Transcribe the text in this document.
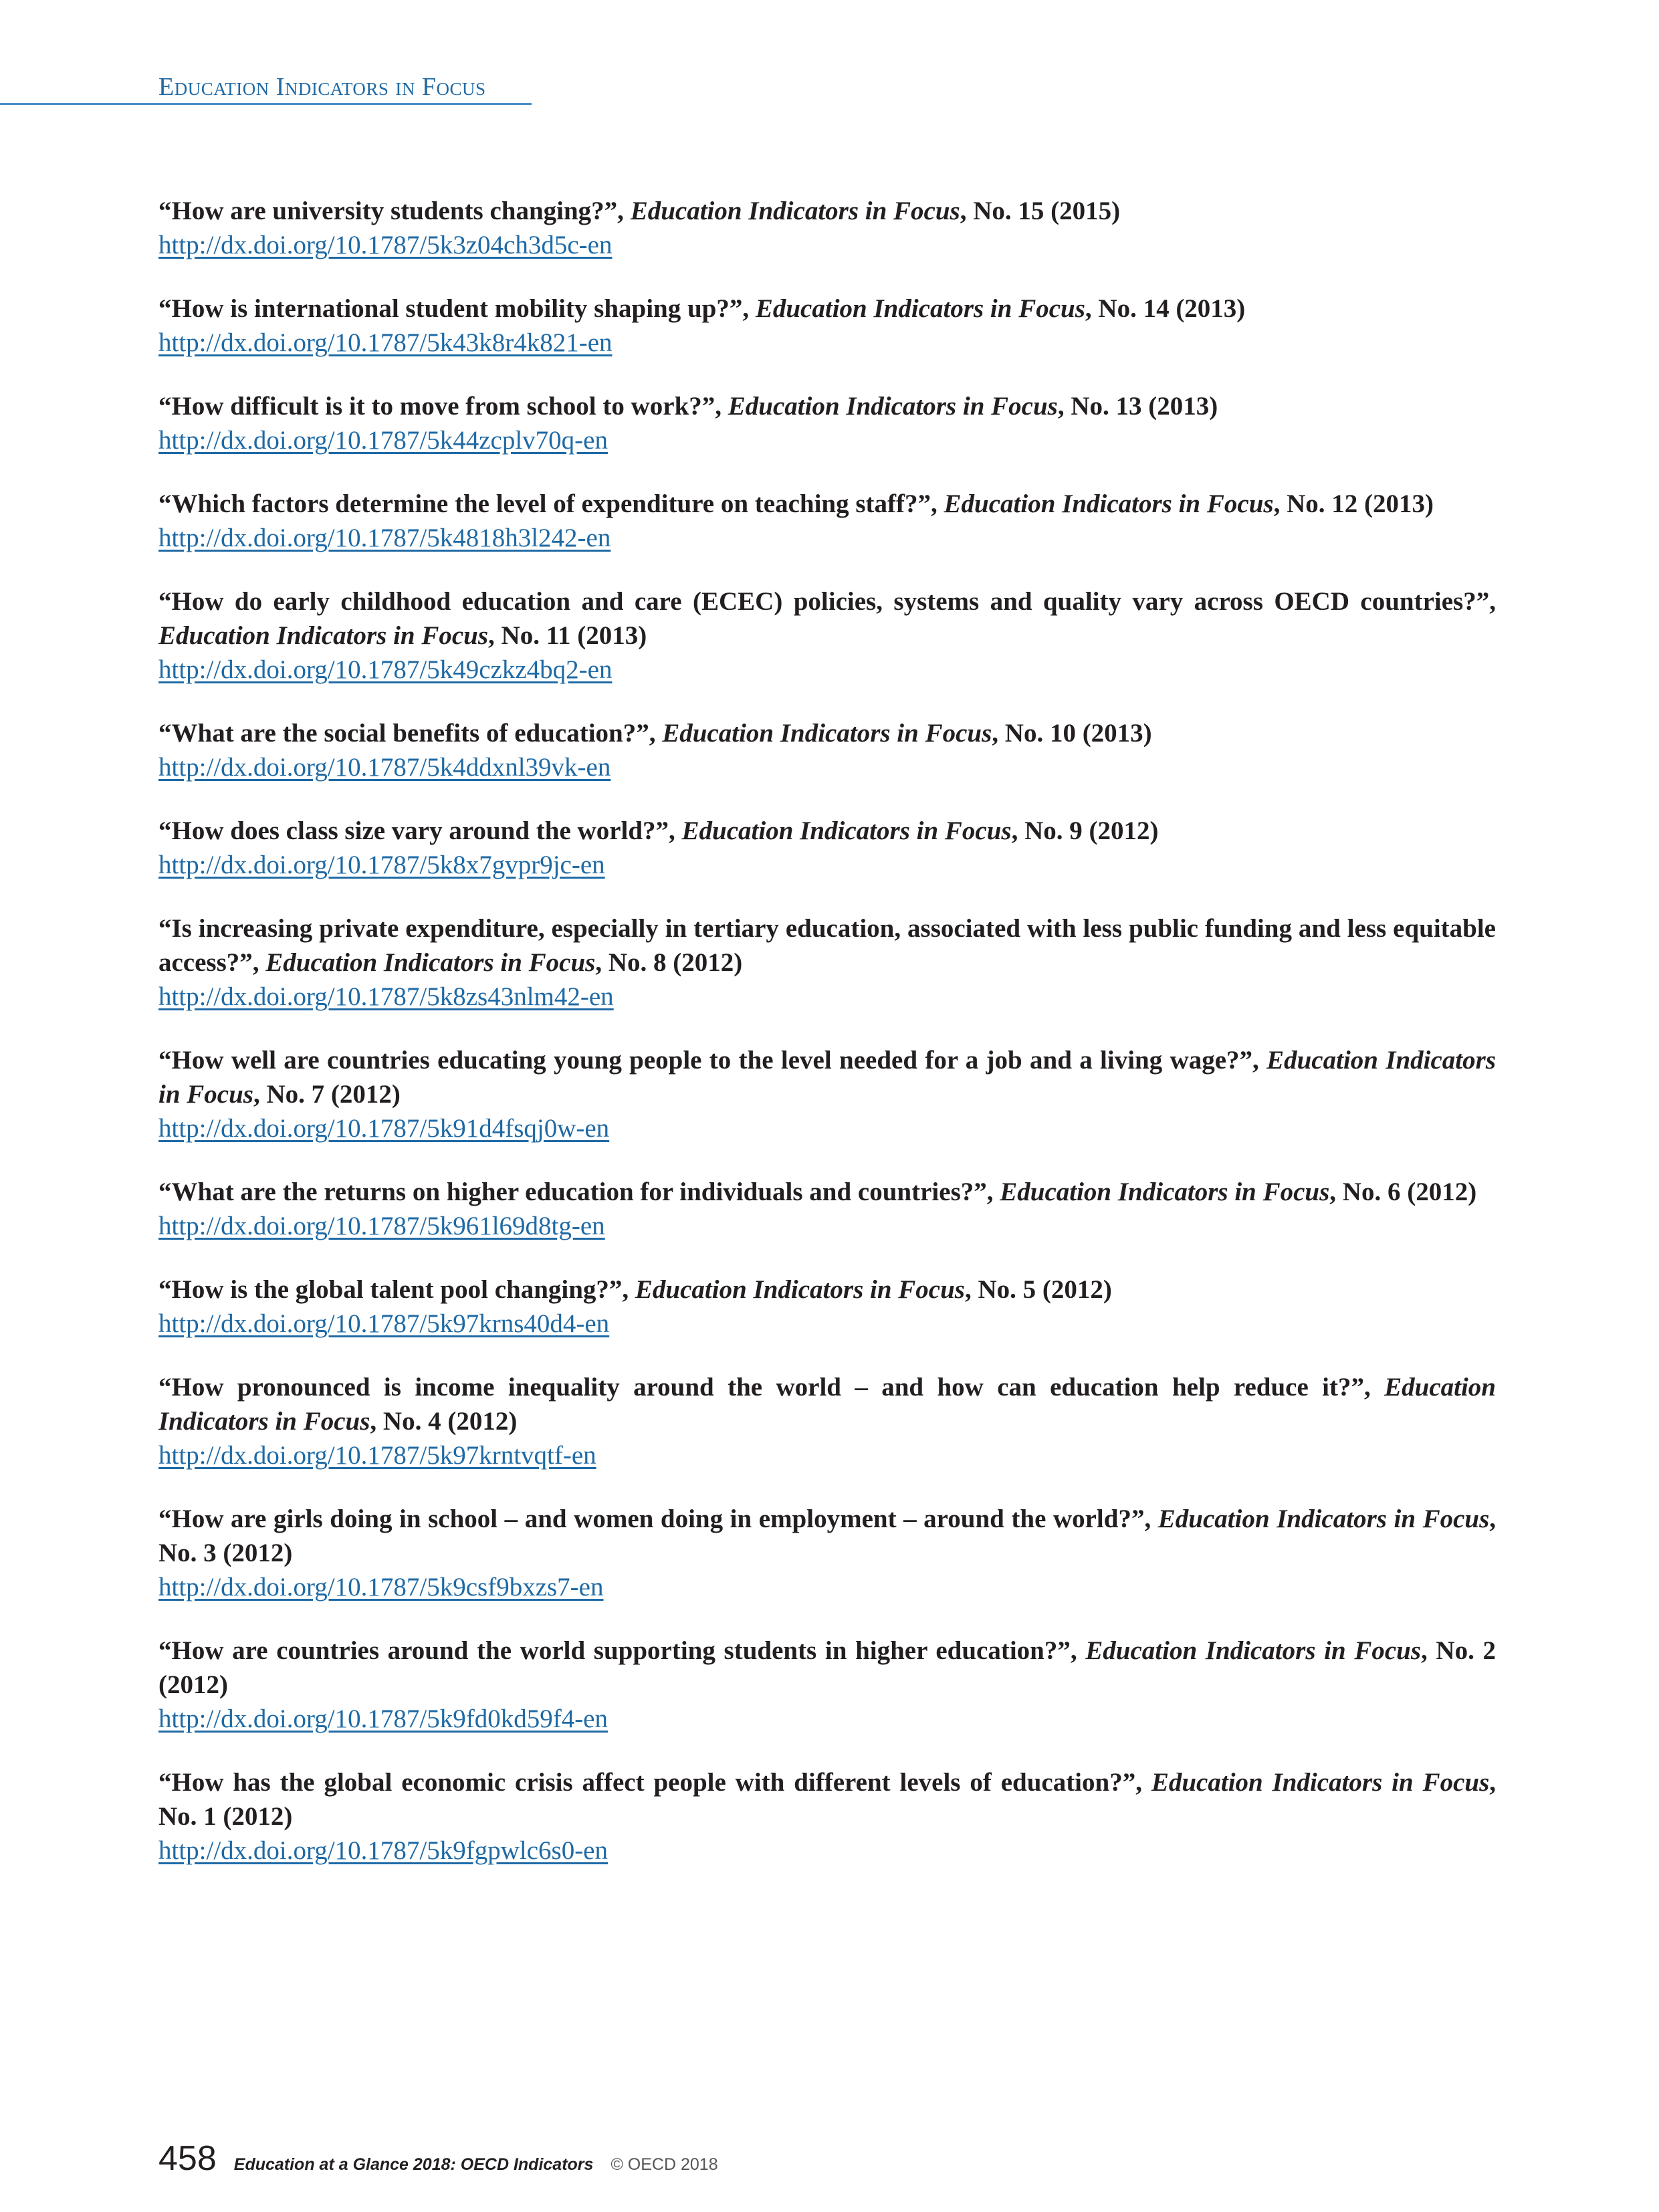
Education Indicators in Focus
“How are university students changing?”, Education Indicators in Focus, No. 15 (2015)
http://dx.doi.org/10.1787/5k3z04ch3d5c-en
“How is international student mobility shaping up?”, Education Indicators in Focus, No. 14 (2013)
http://dx.doi.org/10.1787/5k43k8r4k821-en
“How difficult is it to move from school to work?”, Education Indicators in Focus, No. 13 (2013)
http://dx.doi.org/10.1787/5k44zcplv70q-en
“Which factors determine the level of expenditure on teaching staff?”, Education Indicators in Focus, No. 12 (2013)
http://dx.doi.org/10.1787/5k4818h3l242-en
“How do early childhood education and care (ECEC) policies, systems and quality vary across OECD countries?”, Education Indicators in Focus, No. 11 (2013)
http://dx.doi.org/10.1787/5k49czkz4bq2-en
“What are the social benefits of education?”, Education Indicators in Focus, No. 10 (2013)
http://dx.doi.org/10.1787/5k4ddxnl39vk-en
“How does class size vary around the world?”, Education Indicators in Focus, No. 9 (2012)
http://dx.doi.org/10.1787/5k8x7gvpr9jc-en
“Is increasing private expenditure, especially in tertiary education, associated with less public funding and less equitable access?”, Education Indicators in Focus, No. 8 (2012)
http://dx.doi.org/10.1787/5k8zs43nlm42-en
“How well are countries educating young people to the level needed for a job and a living wage?”, Education Indicators in Focus, No. 7 (2012)
http://dx.doi.org/10.1787/5k91d4fsqj0w-en
“What are the returns on higher education for individuals and countries?”, Education Indicators in Focus, No. 6 (2012)
http://dx.doi.org/10.1787/5k961l69d8tg-en
“How is the global talent pool changing?”, Education Indicators in Focus, No. 5 (2012)
http://dx.doi.org/10.1787/5k97krns40d4-en
“How pronounced is income inequality around the world – and how can education help reduce it?”, Education Indicators in Focus, No. 4 (2012)
http://dx.doi.org/10.1787/5k97krntvqtf-en
“How are girls doing in school – and women doing in employment – around the world?”, Education Indicators in Focus, No. 3 (2012)
http://dx.doi.org/10.1787/5k9csf9bxzs7-en
“How are countries around the world supporting students in higher education?”, Education Indicators in Focus, No. 2 (2012)
http://dx.doi.org/10.1787/5k9fd0kd59f4-en
“How has the global economic crisis affect people with different levels of education?”, Education Indicators in Focus, No. 1 (2012)
http://dx.doi.org/10.1787/5k9fgpwlc6s0-en
458 Education at a Glance 2018: OECD Indicators © OECD 2018
